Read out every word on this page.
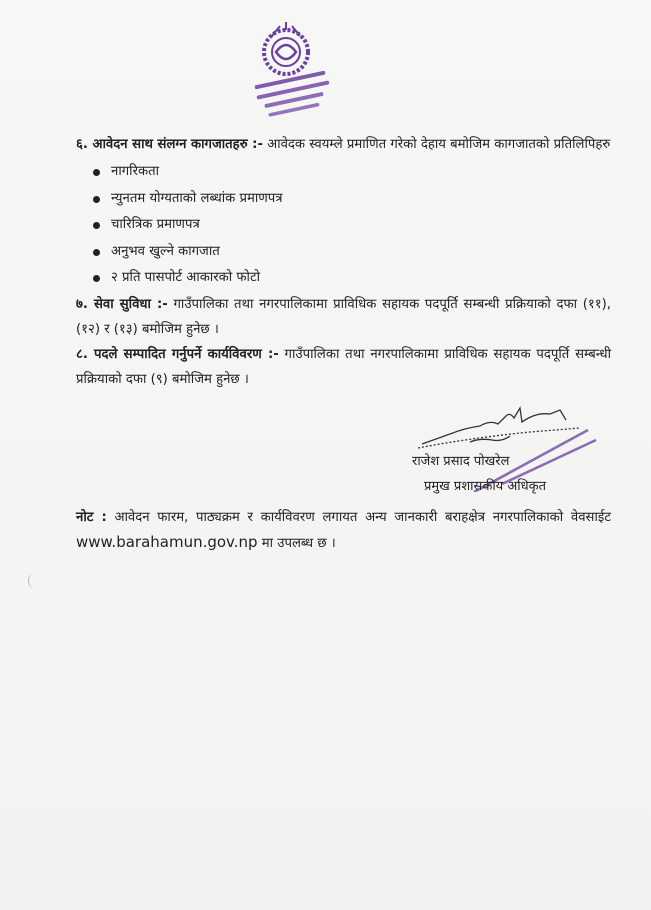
६. आवेदन साथ संलग्न कागजातहरु :- आवेदक स्वयम्ले प्रमाणित गरेको देहाय बमोजिम कागजातको प्रतिलिपिहरु

नागरिकता
न्युनतम योग्यताको लब्धांक प्रमाणपत्र
चारित्रिक प्रमाणपत्र
अनुभव खुल्ने कागजात
२ प्रति पासपोर्ट आकारको फोटो

७. सेवा सुविधा :- गाउँपालिका तथा नगरपालिकामा प्राविधिक सहायक पदपूर्ति सम्बन्धी प्रक्रियाको दफा (११), (१२) र (१३) बमोजिम हुनेछ ।

८. पदले सम्पादित गर्नुपर्ने कार्यविवरण :- गाउँपालिका तथा नगरपालिकामा प्राविधिक सहायक पदपूर्ति सम्बन्धी प्रक्रियाको दफा (९) बमोजिम हुनेछ ।

राजेश प्रसाद पोखरेल
प्रमुख प्रशासकीय अधिकृत

नोट : आवेदन फारम, पाठ्यक्रम र कार्यविवरण लगायत अन्य जानकारी बराहक्षेत्र नगरपालिकाको वेवसाईट www.barahamun.gov.np मा उपलब्ध छ ।
